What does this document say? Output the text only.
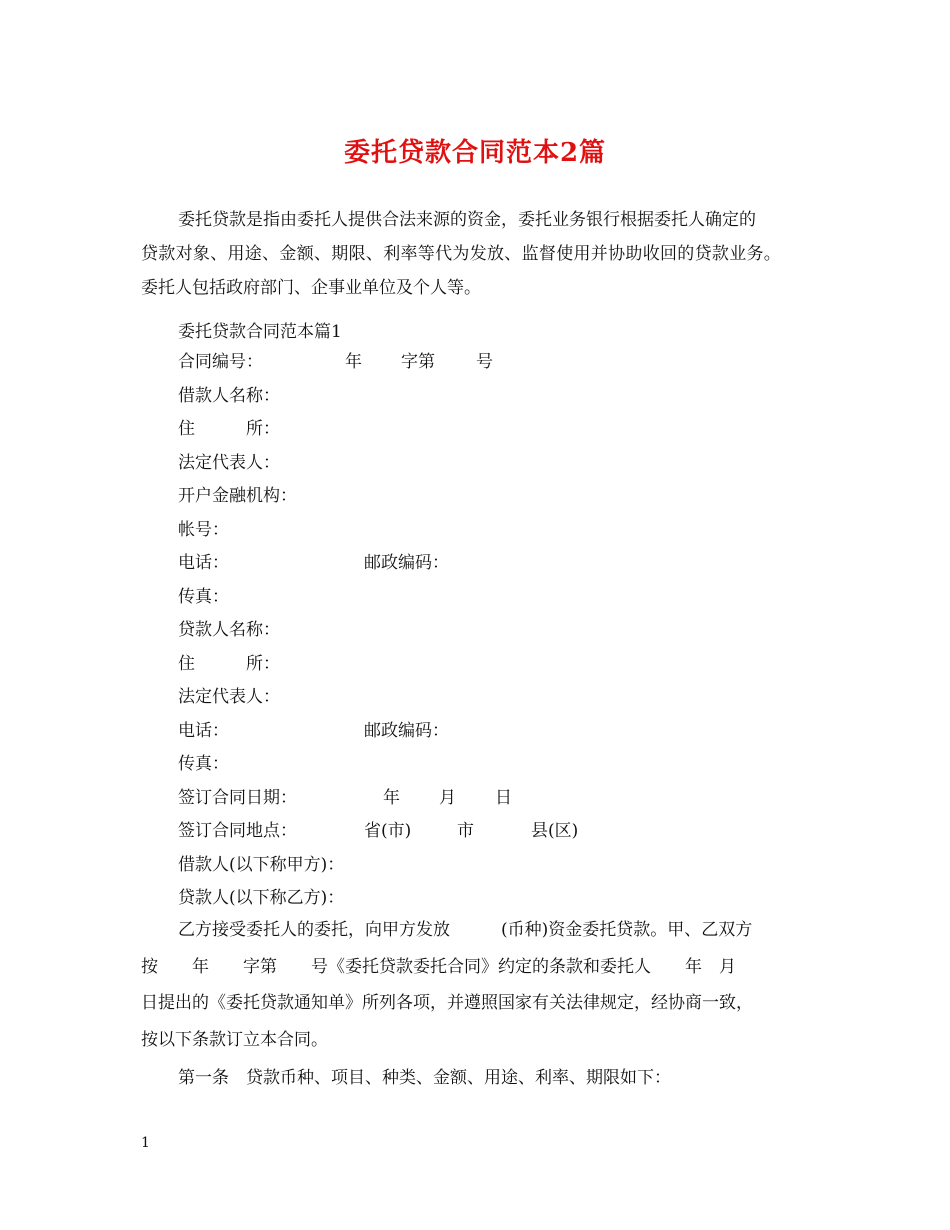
委托贷款合同范本2篇
委托贷款是指由委托人提供合法来源的资金，委托业务银行根据委托人确定的
贷款对象、用途、金额、期限、利率等代为发放、监督使用并协助收回的贷款业务。
委托人包括政府部门、企事业单位及个人等。
委托贷款合同范本篇1
合同编号：	年 字第 号
借款人名称：
住　　　所：
法定代表人：
开户金融机构：
帐号：
电话：	邮政编码：
传真：
贷款人名称：
住　　　所：
法定代表人：
电话：	邮政编码：
传真：
签订合同日期：	年 月 日
签订合同地点：	省(市)	市	县(区)
借款人(以下称甲方)：
贷款人(以下称乙方)：
乙方接受委托人的委托，向甲方发放　　　(币种)资金委托贷款。甲、乙双方
按　　年　　字第　　号《委托贷款委托合同》约定的条款和委托人　　年　月
日提出的《委托贷款通知单》所列各项，并遵照国家有关法律规定，经协商一致，
按以下条款订立本合同。
第一条　贷款币种、项目、种类、金额、用途、利率、期限如下：
1
